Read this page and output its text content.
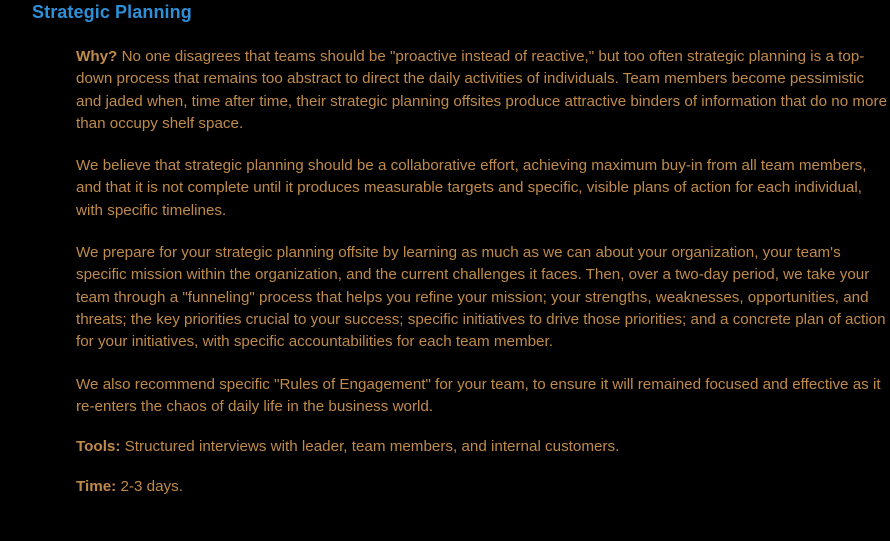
Strategic Planning

Why? No one disagrees that teams should be "proactive instead of reactive," but too often strategic planning is a top-down process that remains too abstract to direct the daily activities of individuals. Team members become pessimistic and jaded when, time after time, their strategic planning offsites produce attractive binders of information that do no more than occupy shelf space.

We believe that strategic planning should be a collaborative effort, achieving maximum buy-in from all team members, and that it is not complete until it produces measurable targets and specific, visible plans of action for each individual, with specific timelines.

We prepare for your strategic planning offsite by learning as much as we can about your organization, your team's specific mission within the organization, and the current challenges it faces. Then, over a two-day period, we take your team through a "funneling" process that helps you refine your mission; your strengths, weaknesses, opportunities, and threats; the key priorities crucial to your success; specific initiatives to drive those priorities; and a concrete plan of action for your initiatives, with specific accountabilities for each team member.

We also recommend specific "Rules of Engagement" for your team, to ensure it will remained focused and effective as it re-enters the chaos of daily life in the business world.

Tools: Structured interviews with leader, team members, and internal customers.

Time: 2-3 days.
